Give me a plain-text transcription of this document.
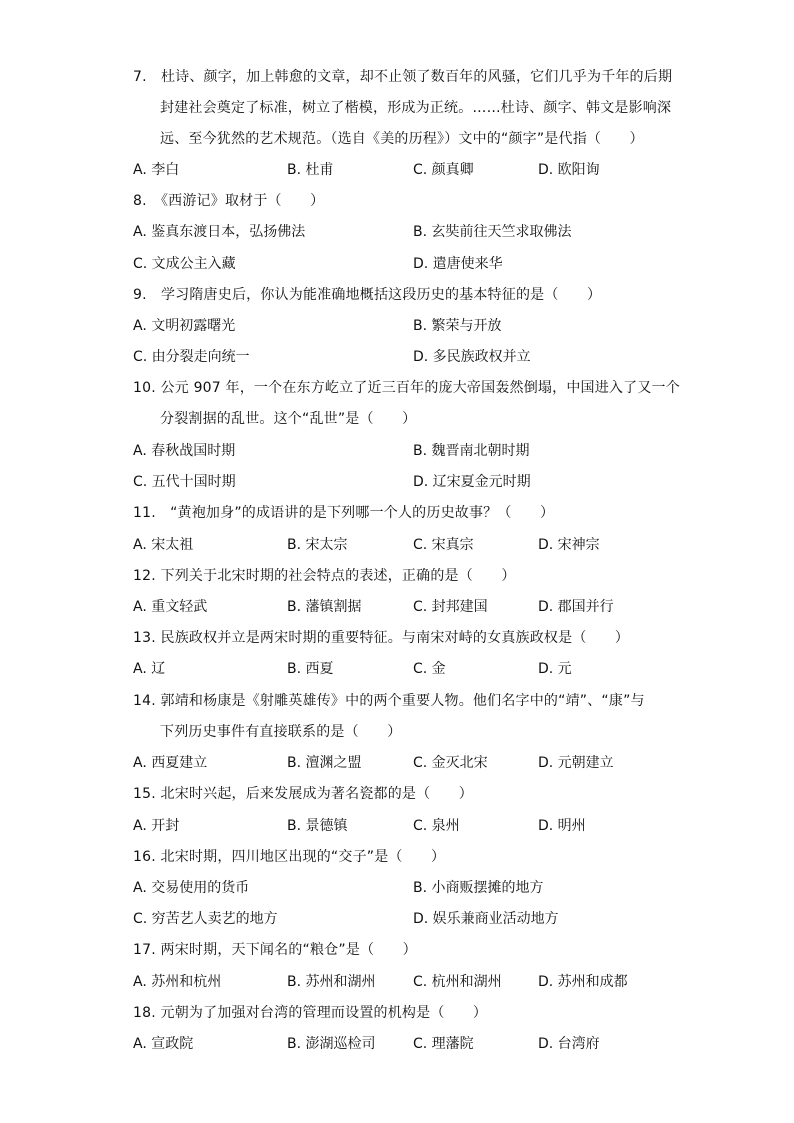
7.　杜诗、颜字，加上韩愈的文章，却不止领了数百年的风骚，它们几乎为千年的后期
封建社会奠定了标准，树立了楷模，形成为正统。……杜诗、颜字、韩文是影响深
远、至今犹然的艺术规范。（选自《美的历程》）文中的“颜字”是代指（　　）
A. 李白	B. 杜甫	C. 颜真卿	D. 欧阳询
8.　《西游记》取材于（　　）
A. 鉴真东渡日本，弘扬佛法	B. 玄奘前往天竺求取佛法
C. 文成公主入藏	D. 遣唐使来华
9.　学习隋唐史后，你认为能准确地概括这段历史的基本特征的是（　　）
A. 文明初露曙光	B. 繁荣与开放
C. 由分裂走向统一	D. 多民族政权并立
10. 公元 907 年，一个在东方屹立了近三百年的庞大帝国轰然倒塌，中国进入了又一个
分裂割据的乱世。这个“乱世”是（　　）
A. 春秋战国时期	B. 魏晋南北朝时期
C. 五代十国时期	D. 辽宋夏金元时期
11.　“黄袍加身”的成语讲的是下列哪一个人的历史故事？（　　）
A. 宋太祖	B. 宋太宗	C. 宋真宗	D. 宋神宗
12. 下列关于北宋时期的社会特点的表述，正确的是（　　）
A. 重文轻武	B. 藩镇割据	C. 封邦建国	D. 郡国并行
13. 民族政权并立是两宋时期的重要特征。与南宋对峙的女真族政权是（　　）
A. 辽	B. 西夏	C. 金	D. 元
14. 郭靖和杨康是《射雕英雄传》中的两个重要人物。他们名字中的“靖”、“康”与
下列历史事件有直接联系的是（　　）
A. 西夏建立	B. 澶渊之盟	C. 金灭北宋	D. 元朝建立
15. 北宋时兴起，后来发展成为著名瓷都的是（　　）
A. 开封	B. 景德镇	C. 泉州	D. 明州
16. 北宋时期，四川地区出现的“交子”是（　　）
A. 交易使用的货币	B. 小商贩摆摊的地方
C. 穷苦艺人卖艺的地方	D. 娱乐兼商业活动地方
17. 两宋时期，天下闻名的“粮仓”是（　　）
A. 苏州和杭州	B. 苏州和湖州	C. 杭州和湖州	D. 苏州和成都
18. 元朝为了加强对台湾的管理而设置的机构是（　　）
A. 宣政院	B. 澎湖巡检司	C. 理藩院	D. 台湾府
